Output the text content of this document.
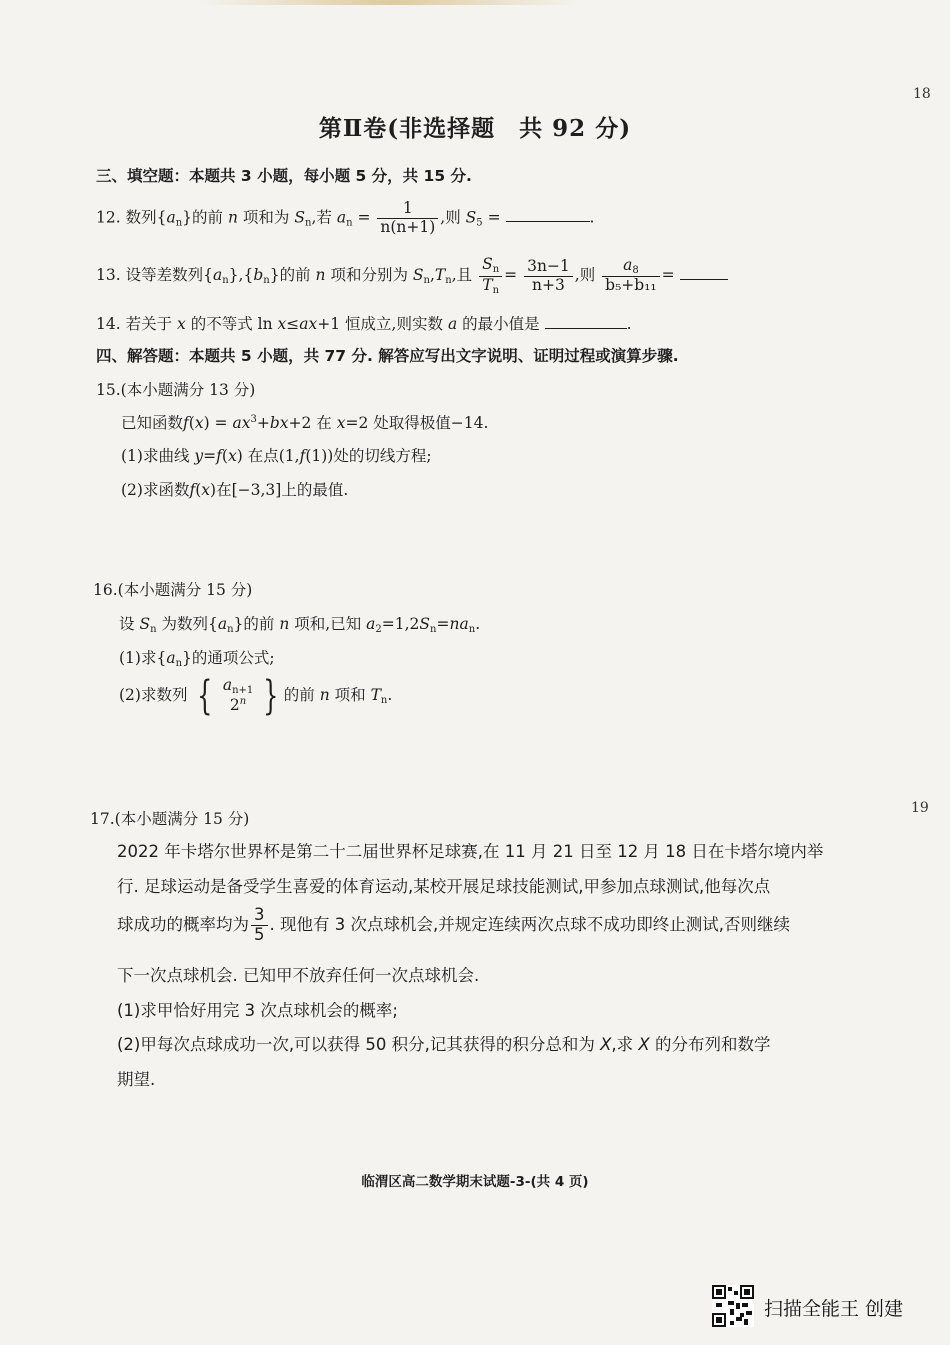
18
19
第Ⅱ卷(非选择题　共 92 分)
三、填空题：本题共 3 小题，每小题 5 分，共 15 分.
12. 数列$\{a_n\}$的前 n 项和为 $S_n$,若 $a_n = \frac{1}{n(n+1)}$ ,则 $S_5$ =	.
13. 设等差数列$\{a_n\},\{b_n\}$的前 n 项和分别为 $S_n,T_n$,且 $\frac{S_n}{T_n} = \frac{3n-1}{n+3}$ ,则 $\frac{a_8}{\text{b₅+b₁₁}}$ =
14. 若关于 x 的不等式 ln x≤ax+1 恒成立,则实数 a 的最小值是	.
四、解答题：本题共 5 小题，共 77 分. 解答应写出文字说明、证明过程或演算步骤.
15.(本小题满分 13 分)
已知函数$f(x) = ax^3+bx+2$ 在 x=2 处取得极值−14.
(1)求曲线 y=f(x) 在点(1,f(1))处的切线方程;
(2)求函数f(x)在[−3,3]上的最值.
16.(本小题满分 15 分)
设 $S_n$ 为数列$\{a_n\}$的前 n 项和,已知 $a_2=1,2S_n=na_n$.
(1)求$\{a_n\}$的通项公式;
(2)求数列 { $a_{n+1}$
2$^n$ } 的前 n 项和 $T_n$.
17.(本小题满分 15 分)
2022 年卡塔尔世界杯是第二十二届世界杯足球赛,在 11 月 21 日至 12 月 18 日在卡塔尔境内举
行. 足球运动是备受学生喜爱的体育运动,某校开展足球技能测试,甲参加点球测试,他每次点
球成功的概率均为 $\frac{3}{5}$ . 现他有 3 次点球机会,并规定连续两次点球不成功即终止测试,否则继续
下一次点球机会. 已知甲不放弃任何一次点球机会.
(1)求甲恰好用完 3 次点球机会的概率;
(2)甲每次点球成功一次,可以获得 50 积分,记其获得的积分总和为 X,求 X 的分布列和数学
期望.
临渭区高二数学期末试题-3-(共 4 页)
扫描全能王 创建
